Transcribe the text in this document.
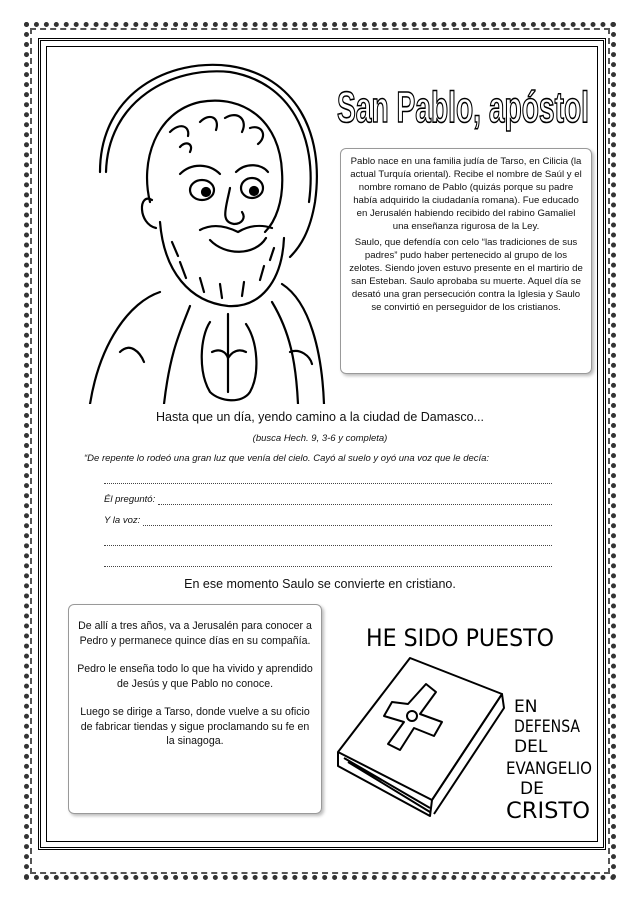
San Pablo, apóstol

Pablo nace en una familia judía de Tarso, en Cilicia (la actual Turquía oriental). Recibe el nombre de Saúl y el nombre romano de Pablo (quizás porque su padre había adquirido la ciudadanía romana). Fue educado en Jerusalén habiendo recibido del rabino Gamaliel una enseñanza rigurosa de la Ley.

Saulo, que defendía con celo “las tradiciones de sus padres” pudo haber pertenecido al grupo de los zelotes. Siendo joven estuvo presente en el martirio de san Esteban. Saulo aprobaba su muerte. Aquel día se desató una gran persecución contra la Iglesia y Saulo se convirtió en perseguidor de los cristianos.

Hasta que un día, yendo camino a la ciudad de Damasco...
(busca Hech. 9, 3-6 y completa)
“De repente lo rodeó una gran luz que venía del cielo. Cayó al suelo y oyó una voz que le decía:
Él preguntó:
Y la voz:
En ese momento Saulo se convierte en cristiano.

De allí a tres años, va a Jerusalén para conocer a Pedro y permanece quince días en su compañía.

Pedro le enseña todo lo que ha vivido y aprendido de Jesús y que Pablo no conoce.

Luego se dirige a Tarso, donde vuelve a su oficio de fabricar tiendas y sigue proclamando su fe en la sinagoga.

HE SIDO PUESTO
EN
DEFENSA
DEL
EVANGELIO
DE
CRISTO
